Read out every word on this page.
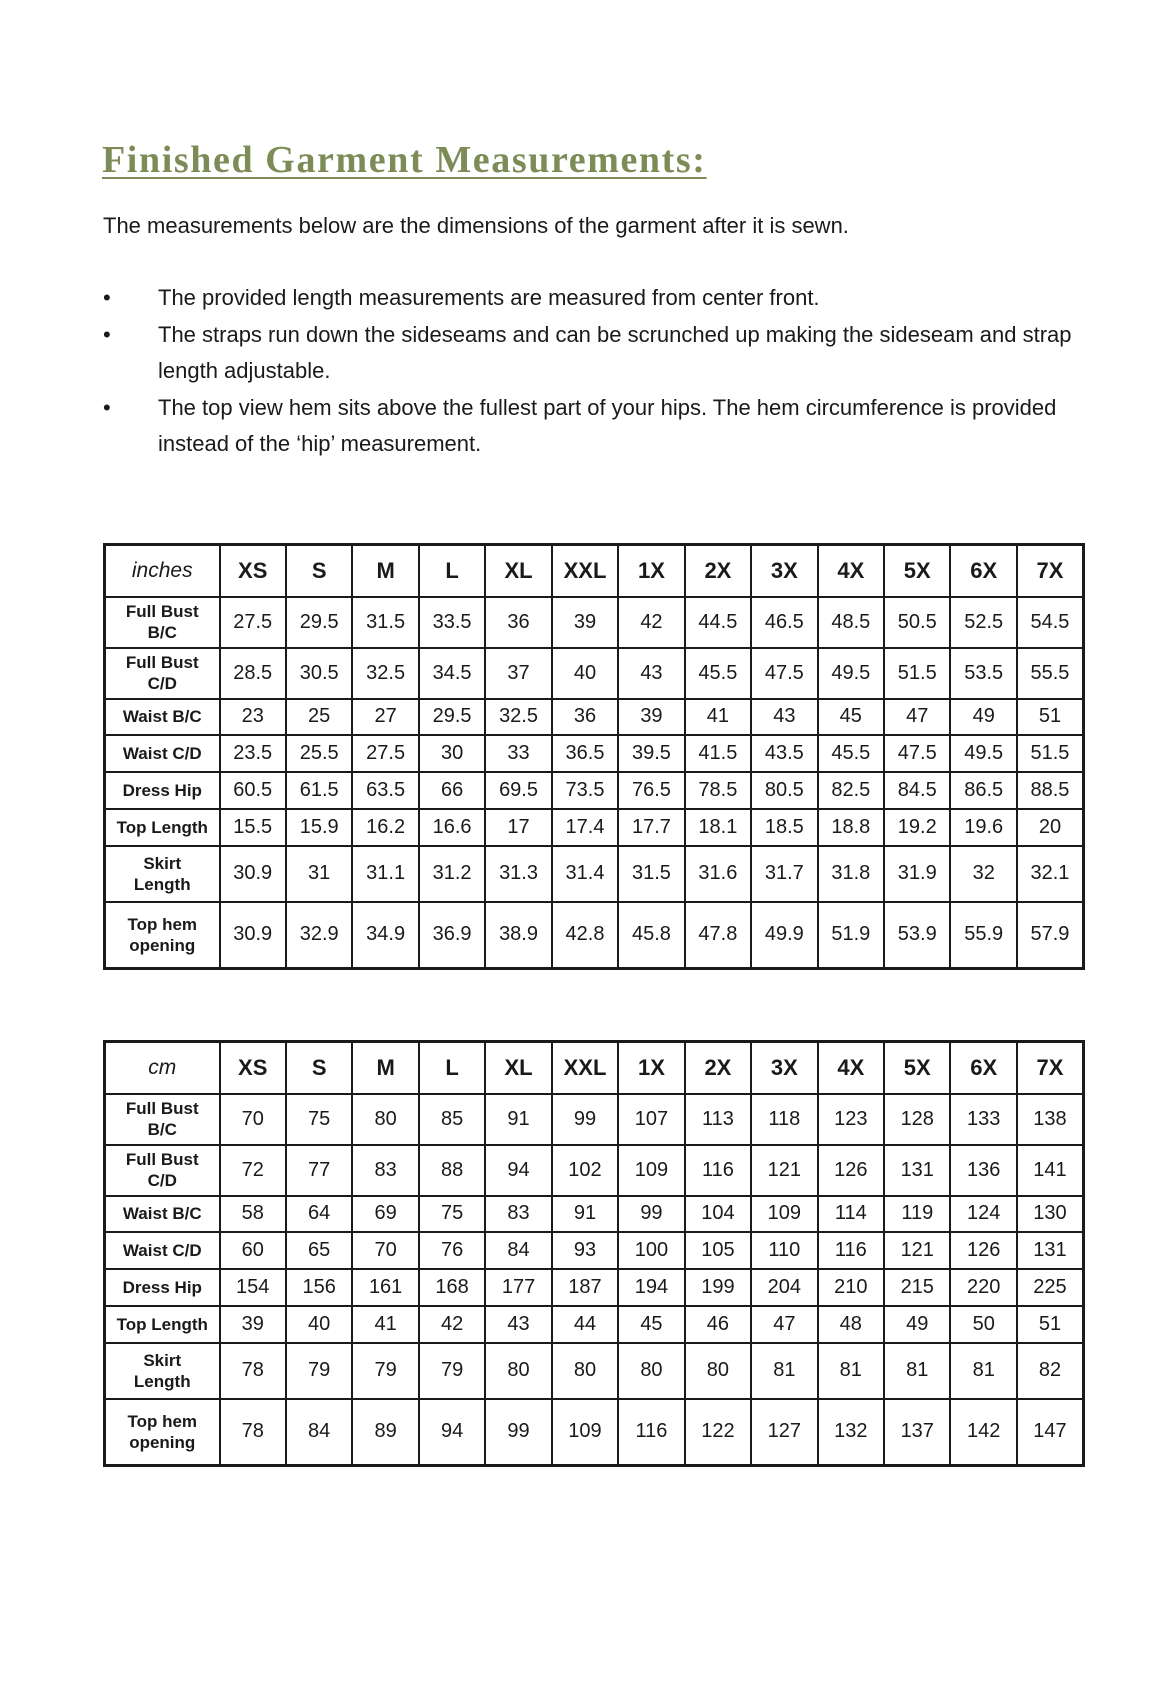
Finished Garment Measurements:

The measurements below are the dimensions of the garment after it is sewn.

• The provided length measurements are measured from center front.
• The straps run down the sideseams and can be scrunched up making the sideseam and strap length adjustable.
• The top view hem sits above the fullest part of your hips. The hem circumference is provided instead of the ‘hip’ measurement.
inches	XS	S	M	L	XL	XXL	1X	2X	3X	4X	5X	6X	7X
Full Bust B/C	27.5	29.5	31.5	33.5	36	39	42	44.5	46.5	48.5	50.5	52.5	54.5
Full Bust C/D	28.5	30.5	32.5	34.5	37	40	43	45.5	47.5	49.5	51.5	53.5	55.5
Waist B/C	23	25	27	29.5	32.5	36	39	41	43	45	47	49	51
Waist C/D	23.5	25.5	27.5	30	33	36.5	39.5	41.5	43.5	45.5	47.5	49.5	51.5
Dress Hip	60.5	61.5	63.5	66	69.5	73.5	76.5	78.5	80.5	82.5	84.5	86.5	88.5
Top Length	15.5	15.9	16.2	16.6	17	17.4	17.7	18.1	18.5	18.8	19.2	19.6	20
Skirt Length	30.9	31	31.1	31.2	31.3	31.4	31.5	31.6	31.7	31.8	31.9	32	32.1
Top hem opening	30.9	32.9	34.9	36.9	38.9	42.8	45.8	47.8	49.9	51.9	53.9	55.9	57.9
cm	XS	S	M	L	XL	XXL	1X	2X	3X	4X	5X	6X	7X
Full Bust B/C	70	75	80	85	91	99	107	113	118	123	128	133	138
Full Bust C/D	72	77	83	88	94	102	109	116	121	126	131	136	141
Waist B/C	58	64	69	75	83	91	99	104	109	114	119	124	130
Waist C/D	60	65	70	76	84	93	100	105	110	116	121	126	131
Dress Hip	154	156	161	168	177	187	194	199	204	210	215	220	225
Top Length	39	40	41	42	43	44	45	46	47	48	49	50	51
Skirt Length	78	79	79	79	80	80	80	80	81	81	81	81	82
Top hem opening	78	84	89	94	99	109	116	122	127	132	137	142	147
